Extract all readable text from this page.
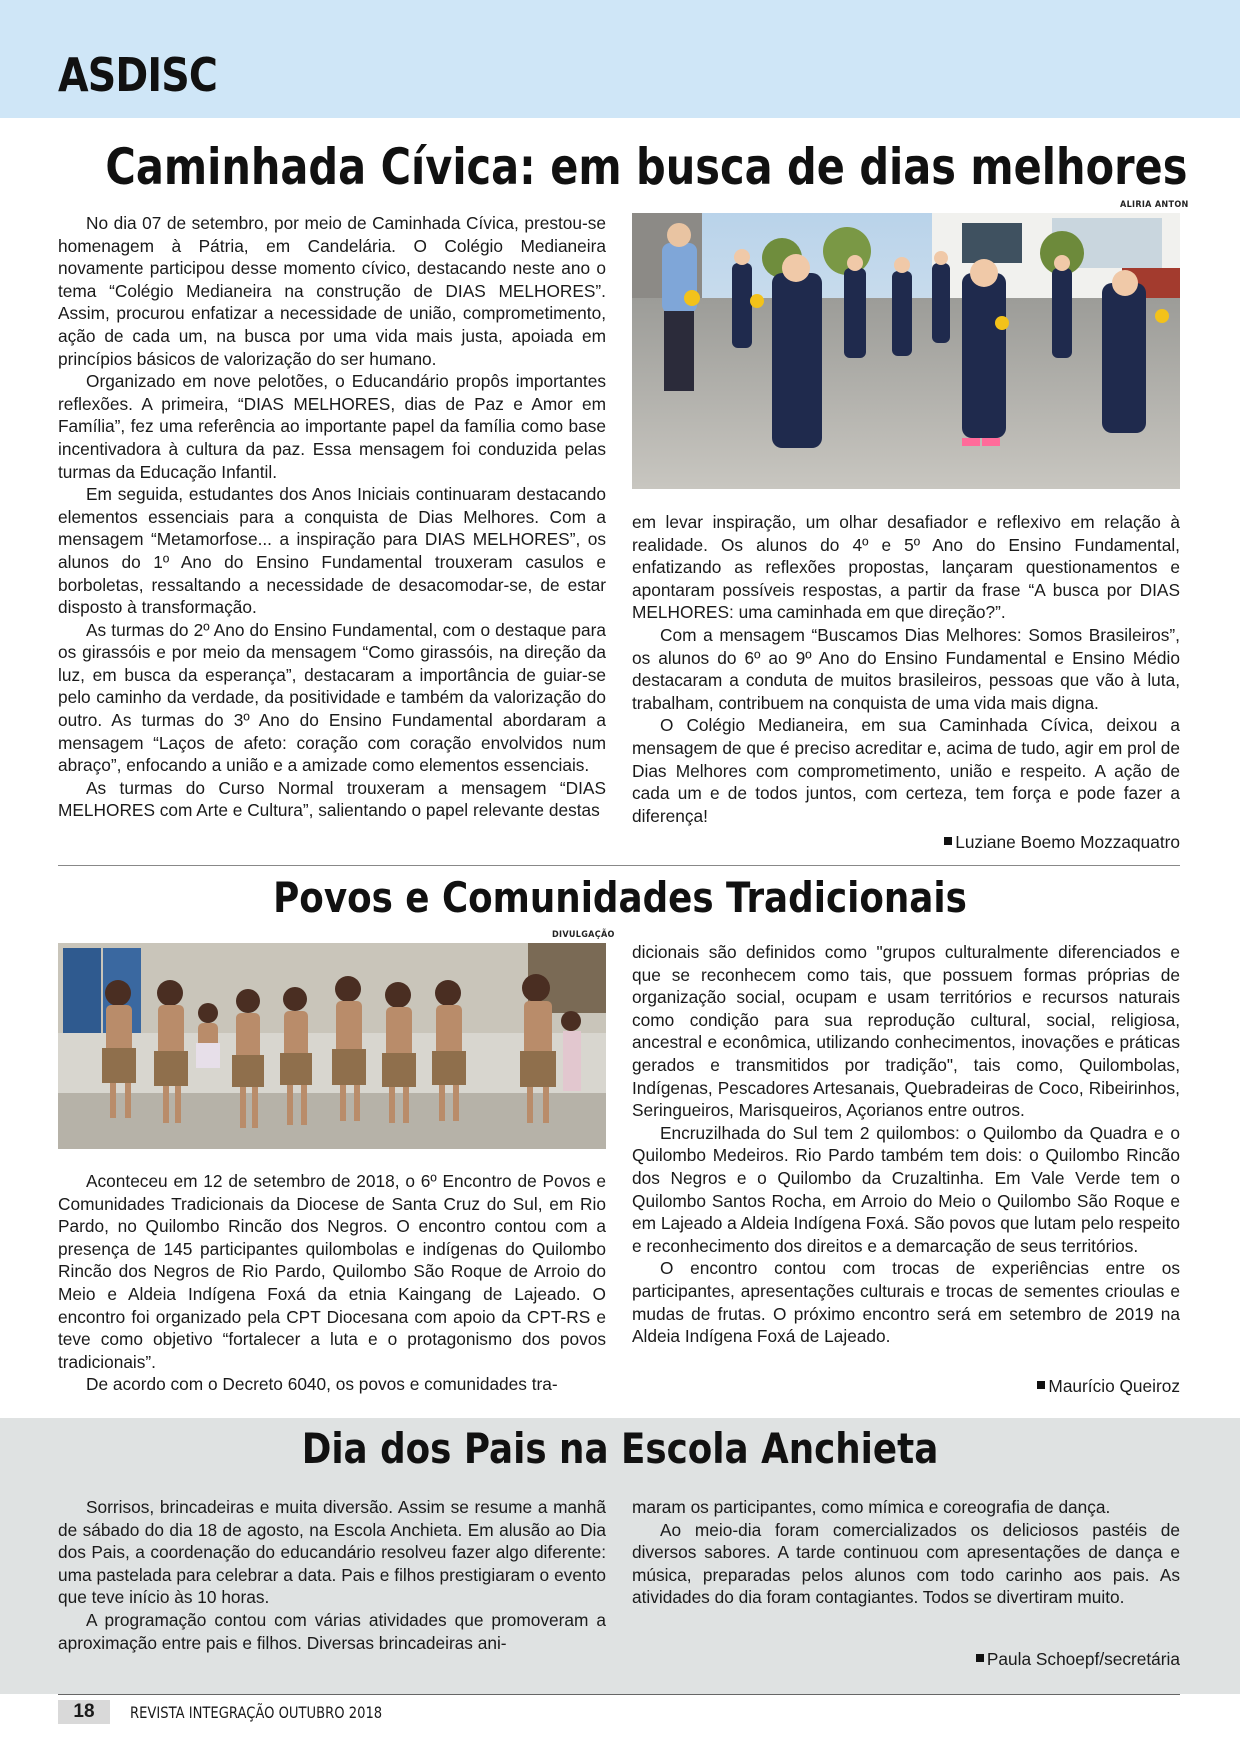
ASDISC
Caminhada Cívica: em busca de dias melhores

No dia 07 de setembro, por meio de Caminhada Cívica, prestou-se homenagem à Pátria, em Candelária. O Colégio Medianeira novamente participou desse momento cívico, destacando neste ano o tema “Colégio Medianeira na construção de DIAS MELHORES”. Assim, procurou enfatizar a necessidade de união, comprometimento, ação de cada um, na busca por uma vida mais justa, apoiada em princípios básicos de valorização do ser humano.

Organizado em nove pelotões, o Educandário propôs importantes reflexões. A primeira, “DIAS MELHORES, dias de Paz e Amor em Família”, fez uma referência ao importante papel da família como base incentivadora à cultura da paz. Essa mensagem foi conduzida pelas turmas da Educação Infantil.

Em seguida, estudantes dos Anos Iniciais continuaram destacando elementos essenciais para a conquista de Dias Melhores. Com a mensagem “Metamorfose... a inspiração para DIAS MELHORES”, os alunos do 1º Ano do Ensino Fundamental trouxeram casulos e borboletas, ressaltando a necessidade de desacomodar-se, de estar disposto à transformação.

As turmas do 2º Ano do Ensino Fundamental, com o destaque para os girassóis e por meio da mensagem “Como girassóis, na direção da luz, em busca da esperança”, destacaram a importância de guiar-se pelo caminho da verdade, da positividade e também da valorização do outro. As turmas do 3º Ano do Ensino Fundamental abordaram a mensagem “Laços de afeto: coração com coração envolvidos num abraço”, enfocando a união e a amizade como elementos essenciais.

As turmas do Curso Normal trouxeram a mensagem “DIAS MELHORES com Arte e Cultura”, salientando o papel relevante destas

ALIRIA ANTON

em levar inspiração, um olhar desafiador e reflexivo em relação à realidade. Os alunos do 4º e 5º Ano do Ensino Fundamental, enfatizando as reflexões propostas, lançaram questionamentos e apontaram possíveis respostas, a partir da frase “A busca por DIAS MELHORES: uma caminhada em que direção?”.

Com a mensagem “Buscamos Dias Melhores: Somos Brasileiros”, os alunos do 6º ao 9º Ano do Ensino Fundamental e Ensino Médio destacaram a conduta de muitos brasileiros, pessoas que vão à luta, trabalham, contribuem na conquista de uma vida mais digna.

O Colégio Medianeira, em sua Caminhada Cívica, deixou a mensagem de que é preciso acreditar e, acima de tudo, agir em prol de Dias Melhores com comprometimento, união e respeito. A ação de cada um e de todos juntos, com certeza, tem força e pode fazer a diferença!

Luziane Boemo Mozzaquatro
Povos e Comunidades Tradicionais
DIVULGAÇÃO

Aconteceu em 12 de setembro de 2018, o 6º Encontro de Povos e Comunidades Tradicionais da Diocese de Santa Cruz do Sul, em Rio Pardo, no Quilombo Rincão dos Negros. O encontro contou com a presença de 145 participantes quilombolas e indígenas do Quilombo Rincão dos Negros de Rio Pardo, Quilombo São Roque de Arroio do Meio e Aldeia Indígena Foxá da etnia Kaingang de Lajeado. O encontro foi organizado pela CPT Diocesana com apoio da CPT-RS e teve como objetivo “fortalecer a luta e o protagonismo dos povos tradicionais”.

De acordo com o Decreto 6040, os povos e comunidades tra-

dicionais são definidos como "grupos culturalmente diferenciados e que se reconhecem como tais, que possuem formas próprias de organização social, ocupam e usam territórios e recursos naturais como condição para sua reprodução cultural, social, religiosa, ancestral e econômica, utilizando conhecimentos, inovações e práticas gerados e transmitidos por tradição", tais como, Quilombolas, Indígenas, Pescadores Artesanais, Quebradeiras de Coco, Ribeirinhos, Seringueiros, Marisqueiros, Açorianos entre outros.

Encruzilhada do Sul tem 2 quilombos: o Quilombo da Quadra e o Quilombo Medeiros. Rio Pardo também tem dois: o Quilombo Rincão dos Negros e o Quilombo da Cruzaltinha. Em Vale Verde tem o Quilombo Santos Rocha, em Arroio do Meio o Quilombo São Roque e em Lajeado a Aldeia Indígena Foxá. São povos que lutam pelo respeito e reconhecimento dos direitos e a demarcação de seus territórios.

O encontro contou com trocas de experiências entre os participantes, apresentações culturais e trocas de sementes crioulas e mudas de frutas. O próximo encontro será em setembro de 2019 na Aldeia Indígena Foxá de Lajeado.

Maurício Queiroz
Dia dos Pais na Escola Anchieta

Sorrisos, brincadeiras e muita diversão. Assim se resume a manhã de sábado do dia 18 de agosto, na Escola Anchieta. Em alusão ao Dia dos Pais, a coordenação do educandário resolveu fazer algo diferente: uma pastelada para celebrar a data. Pais e filhos prestigiaram o evento que teve início às 10 horas.

A programação contou com várias atividades que promoveram a aproximação entre pais e filhos. Diversas brincadeiras ani-

maram os participantes, como mímica e coreografia de dança.

Ao meio-dia foram comercializados os deliciosos pastéis de diversos sabores. A tarde continuou com apresentações de dança e música, preparadas pelos alunos com todo carinho aos pais. As atividades do dia foram contagiantes. Todos se divertiram muito.

Paula Schoepf/secretária
18	REVISTA INTEGRAÇÃO OUTUBRO 2018
